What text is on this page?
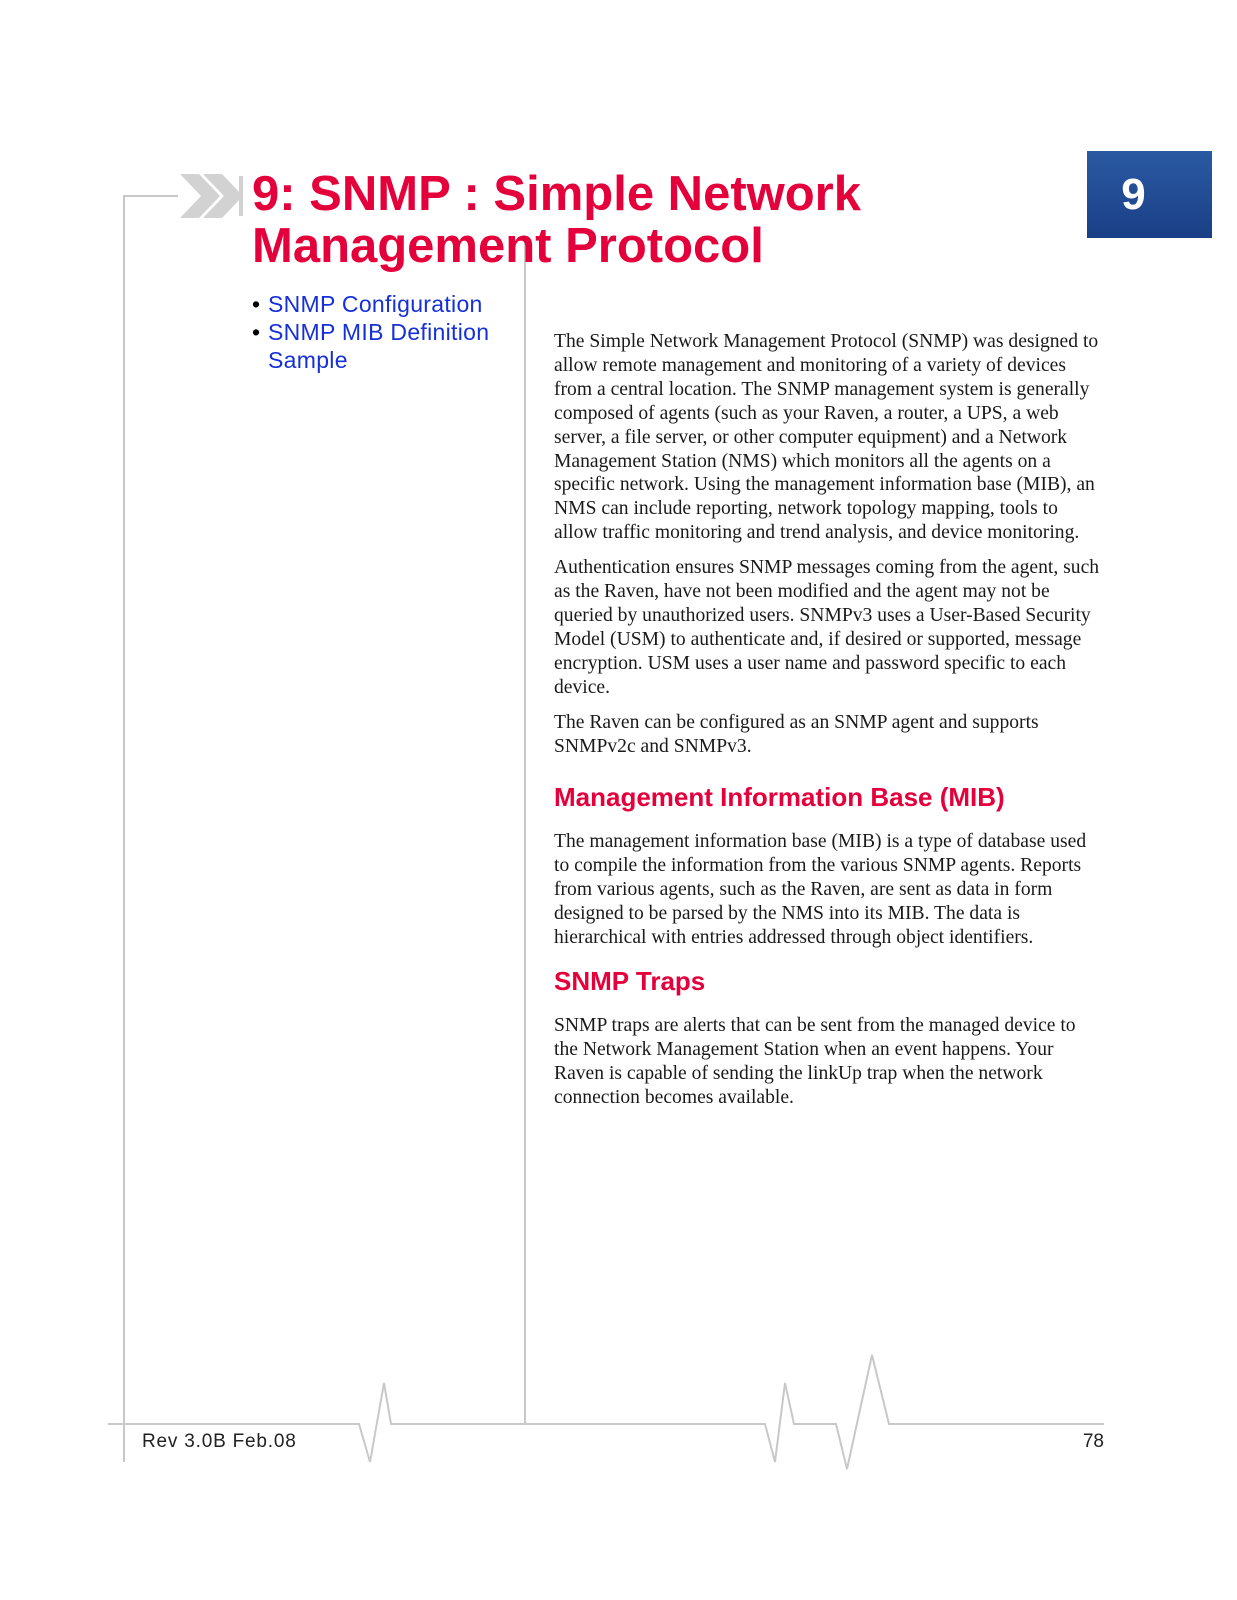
9: SNMP : Simple Network
Management Protocol
9
• SNMP Configuration
• SNMP MIB Definition Sample

The Simple Network Management Protocol (SNMP) was designed to allow remote management and monitoring of a variety of devices from a central location. The SNMP management system is generally composed of agents (such as your Raven, a router, a UPS, a web server, a file server, or other computer equipment) and a Network Management Station (NMS) which monitors all the agents on a specific network. Using the management information base (MIB), an NMS can include reporting, network topology mapping, tools to allow traffic monitoring and trend analysis, and device monitoring.

Authentication ensures SNMP messages coming from the agent, such as the Raven, have not been modified and the agent may not be queried by unauthorized users. SNMPv3 uses a User-Based Security Model (USM) to authenticate and, if desired or supported, message encryption. USM uses a user name and password specific to each device.

The Raven can be configured as an SNMP agent and supports SNMPv2c and SNMPv3.

Management Information Base (MIB)

The management information base (MIB) is a type of database used to compile the information from the various SNMP agents. Reports from various agents, such as the Raven, are sent as data in form designed to be parsed by the NMS into its MIB. The data is hierarchical with entries addressed through object identifiers.

SNMP Traps

SNMP traps are alerts that can be sent from the managed device to the Network Management Station when an event happens. Your Raven is capable of sending the linkUp trap when the network connection becomes available.

Rev 3.0B Feb.08	78
